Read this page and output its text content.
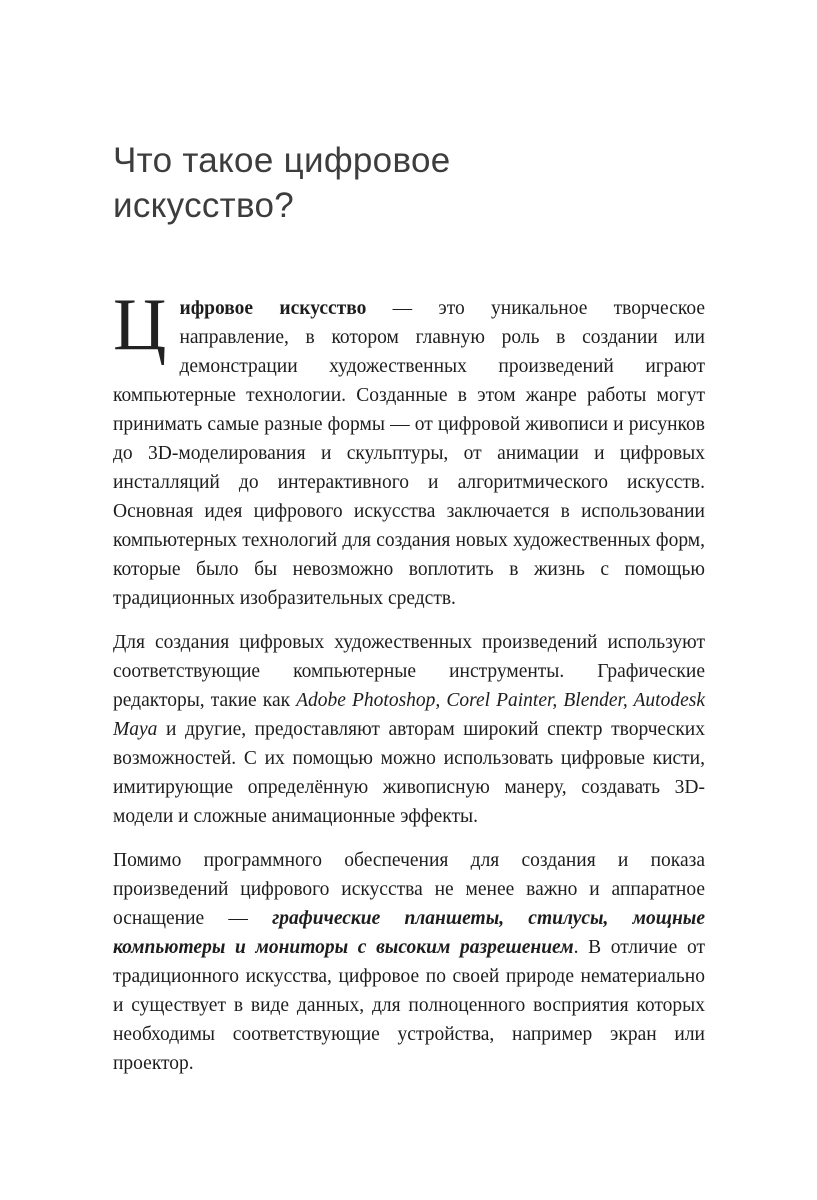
Что такое цифровое
искусство?

Цифровое искусство — это уникальное творческое направление, в котором главную роль в создании или демонстрации художественных произведений играют компьютерные технологии. Созданные в этом жанре работы могут принимать самые разные формы — от цифровой живописи и рисунков до 3D-моделирования и скульптуры, от анимации и цифровых инсталляций до интерактивного и алгоритмического искусств. Основная идея цифрового искусства заключается в использовании компьютерных технологий для создания новых художественных форм, которые было бы невозможно воплотить в жизнь с помощью традиционных изобразительных средств.

Для создания цифровых художественных произведений используют соответствующие компьютерные инструменты. Графические редакторы, такие как Adobe Photoshop, Corel Painter, Blender, Autodesk Maya и другие, предоставляют авторам широкий спектр творческих возможностей. С их помощью можно использовать цифровые кисти, имитирующие определённую живописную манеру, создавать 3D-модели и сложные анимационные эффекты.

Помимо программного обеспечения для создания и показа произведений цифрового искусства не менее важно и аппаратное оснащение — графические планшеты, стилусы, мощные компьютеры и мониторы с высоким разрешением. В отличие от традиционного искусства, цифровое по своей природе нематериально и существует в виде данных, для полноценного восприятия которых необходимы соответствующие устройства, например экран или проектор.
